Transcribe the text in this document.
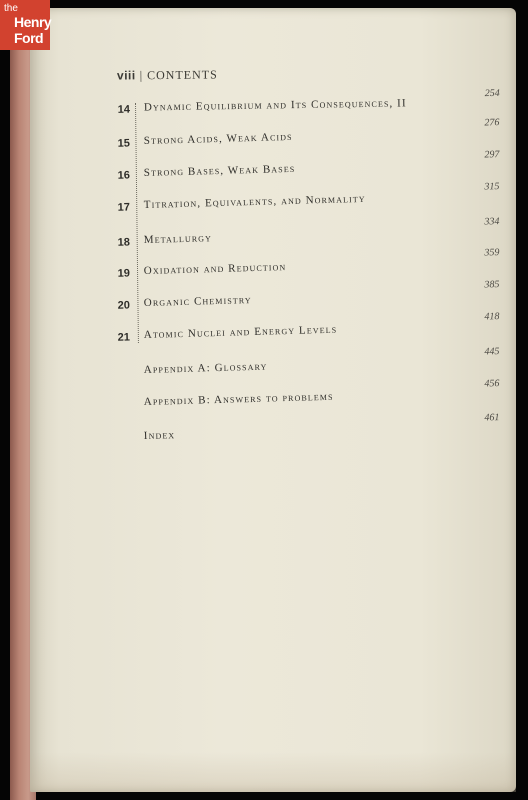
the
Henry
Ford
viii | CONTENTS
14 Dynamic Equilibrium and Its Consequences, II
254
15 Strong Acids, Weak Acids
276
16 Strong Bases, Weak Bases
297
17 Titration, Equivalents, and Normality
315
18 Metallurgy
334
19 Oxidation and Reduction
359
20 Organic Chemistry
385
21 Atomic Nuclei and Energy Levels
418
Appendix A: Glossary
445
Appendix B: Answers to problems
456
Index
461
